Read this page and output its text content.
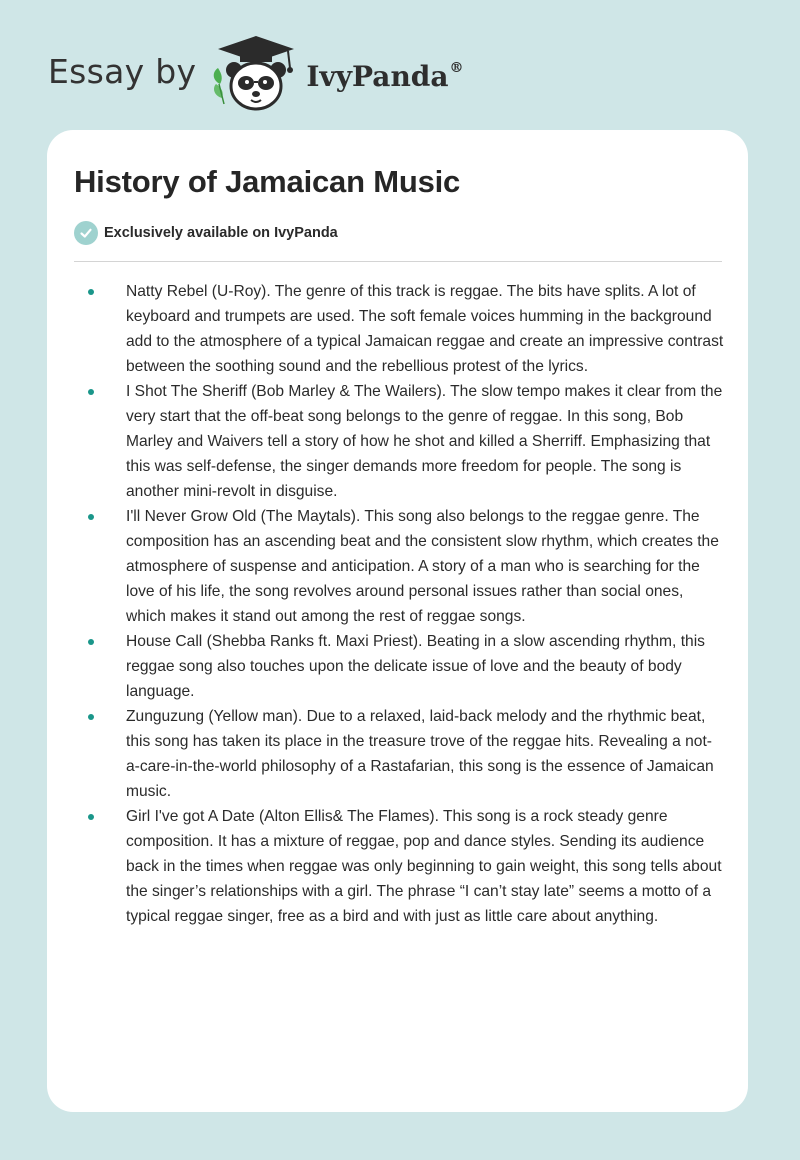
Essay by	IvyPanda®
History of Jamaican Music
Exclusively available on IvyPanda
Natty Rebel (U-Roy). The genre of this track is reggae. The bits have splits. A lot of keyboard and trumpets are used. The soft female voices humming in the background add to the atmosphere of a typical Jamaican reggae and create an impressive contrast between the soothing sound and the rebellious protest of the lyrics.
I Shot The Sheriff (Bob Marley & The Wailers). The slow tempo makes it clear from the very start that the off-beat song belongs to the genre of reggae. In this song, Bob Marley and Waivers tell a story of how he shot and killed a Sherriff. Emphasizing that this was self-defense, the singer demands more freedom for people. The song is another mini-revolt in disguise.
I'll Never Grow Old (The Maytals). This song also belongs to the reggae genre. The composition has an ascending beat and the consistent slow rhythm, which creates the atmosphere of suspense and anticipation. A story of a man who is searching for the love of his life, the song revolves around personal issues rather than social ones, which makes it stand out among the rest of reggae songs.
House Call (Shebba Ranks ft. Maxi Priest). Beating in a slow ascending rhythm, this reggae song also touches upon the delicate issue of love and the beauty of body language.
Zunguzung (Yellow man). Due to a relaxed, laid-back melody and the rhythmic beat, this song has taken its place in the treasure trove of the reggae hits. Revealing a not-a-care-in-the-world philosophy of a Rastafarian, this song is the essence of Jamaican music.
Girl I've got A Date (Alton Ellis& The Flames). This song is a rock steady genre composition. It has a mixture of reggae, pop and dance styles. Sending its audience back in the times when reggae was only beginning to gain weight, this song tells about the singer’s relationships with a girl. The phrase “I can’t stay late” seems a motto of a typical reggae singer, free as a bird and with just as little care about anything.
